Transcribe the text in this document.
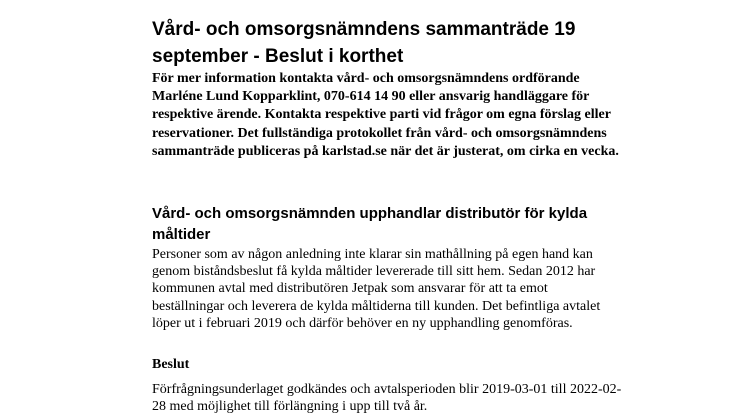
Vård- och omsorgsnämndens sammanträde 19 september - Beslut i korthet

För mer information kontakta vård- och omsorgsnämndens ordförande Marléne Lund Kopparklint, 070-614 14 90 eller ansvarig handläggare för respektive ärende. Kontakta respektive parti vid frågor om egna förslag eller reservationer. Det fullständiga protokollet från vård- och omsorgsnämndens sammanträde publiceras på karlstad.se när det är justerat, om cirka en vecka.

Vård- och omsorgsnämnden upphandlar distributör för kylda måltider

Personer som av någon anledning inte klarar sin mathållning på egen hand kan genom biståndsbeslut få kylda måltider levererade till sitt hem. Sedan 2012 har kommunen avtal med distributören Jetpak som ansvarar för att ta emot beställningar och leverera de kylda måltiderna till kunden. Det befintliga avtalet löper ut i februari 2019 och därför behöver en ny upphandling genomföras.

Beslut

Förfrågningsunderlaget godkändes och avtalsperioden blir 2019-03-01 till 2022-02-28 med möjlighet till förlängning i upp till två år.
